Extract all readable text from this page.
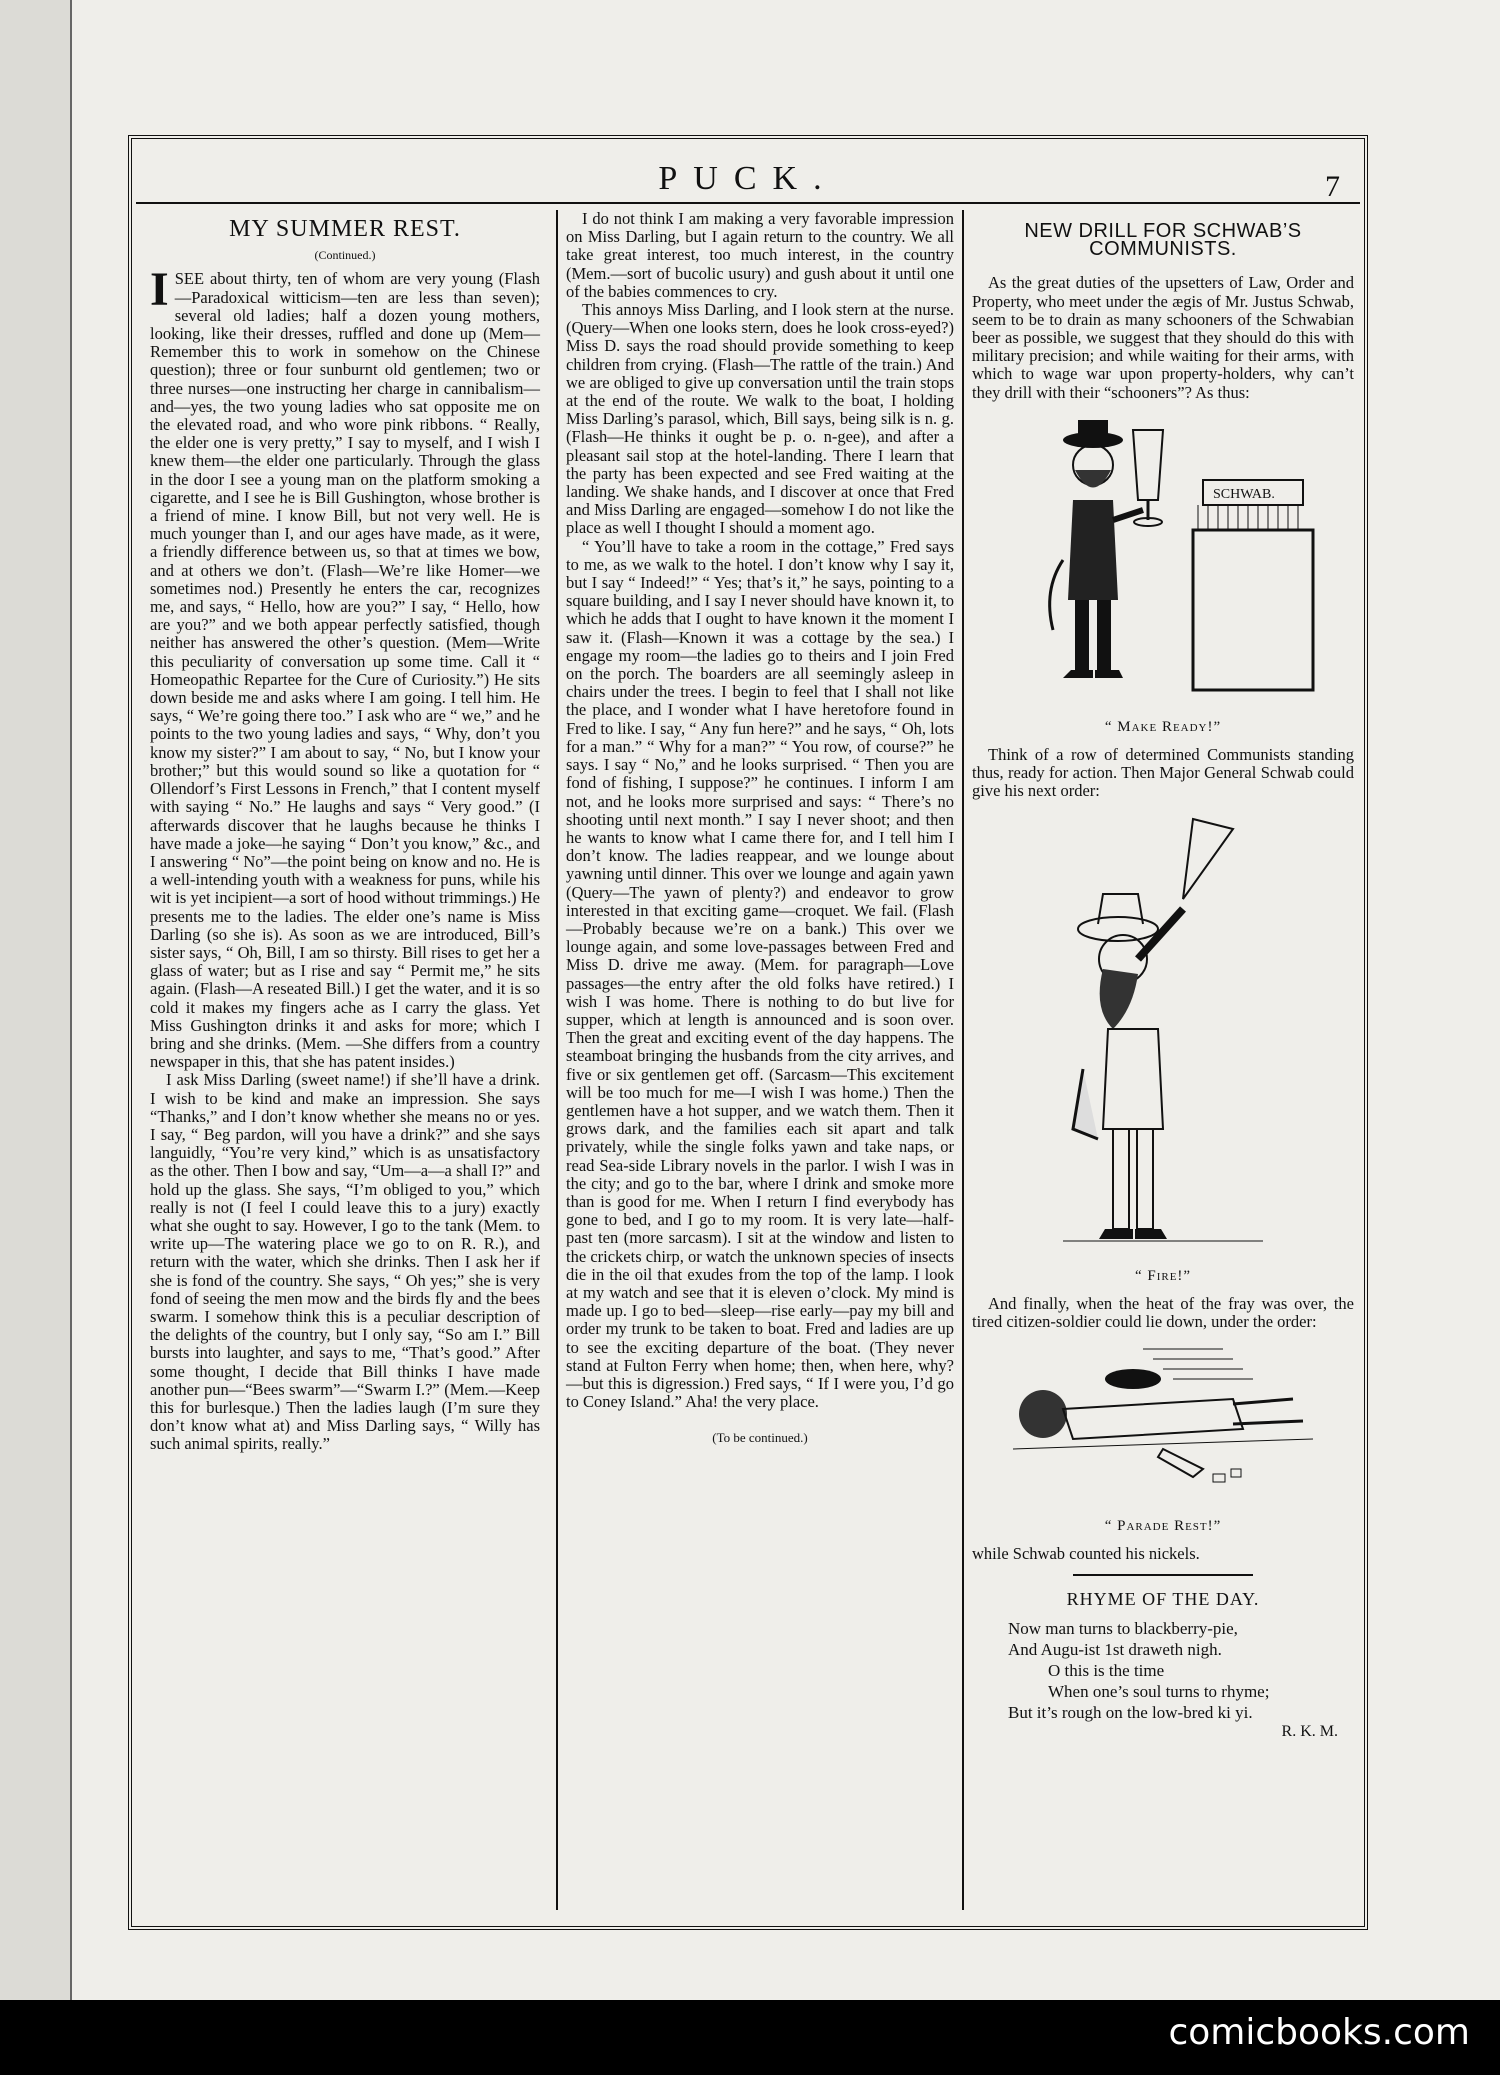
PUCK.	7
MY SUMMER REST.
(Continued.)

ISEE about thirty, ten of whom are very young (Flash—Paradoxical witticism—ten are less than seven); several old ladies; half a dozen young mothers, looking, like their dresses, ruffled and done up (Mem—Remember this to work in somehow on the Chinese question); three or four sunburnt old gentlemen; two or three nurses—one instructing her charge in cannibalism—and—yes, the two young ladies who sat opposite me on the elevated road, and who wore pink ribbons. “ Really, the elder one is very pretty,” I say to myself, and I wish I knew them—the elder one particularly. Through the glass in the door I see a young man on the platform smoking a cigarette, and I see he is Bill Gushington, whose brother is a friend of mine. I know Bill, but not very well. He is much younger than I, and our ages have made, as it were, a friendly difference between us, so that at times we bow, and at others we don’t. (Flash—We’re like Homer—we sometimes nod.) Presently he enters the car, recognizes me, and says, “ Hello, how are you?” I say, “ Hello, how are you?” and we both appear perfectly satisfied, though neither has answered the other’s question. (Mem—Write this peculiarity of conversation up some time. Call it “ Homeopathic Repartee for the Cure of Curiosity.”) He sits down beside me and asks where I am going. I tell him. He says, “ We’re going there too.” I ask who are “ we,” and he points to the two young ladies and says, “ Why, don’t you know my sister?” I am about to say, “ No, but I know your brother;” but this would sound so like a quotation for “ Ollendorf’s First Lessons in French,” that I content myself with saying “ No.” He laughs and says “ Very good.” (I afterwards discover that he laughs because he thinks I have made a joke—he saying “ Don’t you know,” &c., and I answering “ No”—the point being on know and no. He is a well-intending youth with a weakness for puns, while his wit is yet incipient—a sort of hood without trimmings.) He presents me to the ladies. The elder one’s name is Miss Darling (so she is). As soon as we are introduced, Bill’s sister says, “ Oh, Bill, I am so thirsty. Bill rises to get her a glass of water; but as I rise and say “ Permit me,” he sits again. (Flash—A reseated Bill.) I get the water, and it is so cold it makes my fingers ache as I carry the glass. Yet Miss Gushington drinks it and asks for more; which I bring and she drinks. (Mem. —She differs from a country newspaper in this, that she has patent insides.)

I ask Miss Darling (sweet name!) if she’ll have a drink. I wish to be kind and make an impression. She says “Thanks,” and I don’t know whether she means no or yes. I say, “ Beg pardon, will you have a drink?” and she says languidly, “You’re very kind,” which is as unsatisfactory as the other. Then I bow and say, “Um—a—a shall I?” and hold up the glass. She says, “I’m obliged to you,” which really is not (I feel I could leave this to a jury) exactly what she ought to say. However, I go to the tank (Mem. to write up—The watering place we go to on R. R.), and return with the water, which she drinks. Then I ask her if she is fond of the country. She says, “ Oh yes;” she is very fond of seeing the men mow and the birds fly and the bees swarm. I somehow think this is a peculiar description of the delights of the country, but I only say, “So am I.” Bill bursts into laughter, and says to me, “That’s good.” After some thought, I decide that Bill thinks I have made another pun—“Bees swarm”—“Swarm I.?” (Mem.—Keep this for burlesque.) Then the ladies laugh (I’m sure they don’t know what at) and Miss Darling says, “ Willy has such animal spirits, really.”

I do not think I am making a very favorable impression on Miss Darling, but I again return to the country. We all take great interest, too much interest, in the country (Mem.—sort of bucolic usury) and gush about it until one of the babies commences to cry.

This annoys Miss Darling, and I look stern at the nurse. (Query—When one looks stern, does he look cross-eyed?) Miss D. says the road should provide something to keep children from crying. (Flash—The rattle of the train.) And we are obliged to give up conversation until the train stops at the end of the route. We walk to the boat, I holding Miss Darling’s parasol, which, Bill says, being silk is n. g. (Flash—He thinks it ought be p. o. n-gee), and after a pleasant sail stop at the hotel-landing. There I learn that the party has been expected and see Fred waiting at the landing. We shake hands, and I discover at once that Fred and Miss Darling are engaged—somehow I do not like the place as well I thought I should a moment ago.

“ You’ll have to take a room in the cottage,” Fred says to me, as we walk to the hotel. I don’t know why I say it, but I say “ Indeed!” “ Yes; that’s it,” he says, pointing to a square building, and I say I never should have known it, to which he adds that I ought to have known it the moment I saw it. (Flash—Known it was a cottage by the sea.) I engage my room—the ladies go to theirs and I join Fred on the porch. The boarders are all seemingly asleep in chairs under the trees. I begin to feel that I shall not like the place, and I wonder what I have heretofore found in Fred to like. I say, “ Any fun here?” and he says, “ Oh, lots for a man.” “ Why for a man?” “ You row, of course?” he says. I say “ No,” and he looks surprised. “ Then you are fond of fishing, I suppose?” he continues. I inform I am not, and he looks more surprised and says: “ There’s no shooting until next month.” I say I never shoot; and then he wants to know what I came there for, and I tell him I don’t know. The ladies reappear, and we lounge about yawning until dinner. This over we lounge and again yawn (Query—The yawn of plenty?) and endeavor to grow interested in that exciting game—croquet. We fail. (Flash—Probably because we’re on a bank.) This over we lounge again, and some love-passages between Fred and Miss D. drive me away. (Mem. for paragraph—Love passages—the entry after the old folks have retired.) I wish I was home. There is nothing to do but live for supper, which at length is announced and is soon over. Then the great and exciting event of the day happens. The steamboat bringing the husbands from the city arrives, and five or six gentlemen get off. (Sarcasm—This excitement will be too much for me—I wish I was home.) Then the gentlemen have a hot supper, and we watch them. Then it grows dark, and the families each sit apart and talk privately, while the single folks yawn and take naps, or read Sea-side Library novels in the parlor. I wish I was in the city; and go to the bar, where I drink and smoke more than is good for me. When I return I find everybody has gone to bed, and I go to my room. It is very late—half-past ten (more sarcasm). I sit at the window and listen to the crickets chirp, or watch the unknown species of insects die in the oil that exudes from the top of the lamp. I look at my watch and see that it is eleven o’clock. My mind is made up. I go to bed—sleep—rise early—pay my bill and order my trunk to be taken to boat. Fred and ladies are up to see the exciting departure of the boat. (They never stand at Fulton Ferry when home; then, when here, why?—but this is digression.) Fred says, “ If I were you, I’d go to Coney Island.” Aha! the very place.

(To be continued.)
NEW DRILL FOR SCHWAB’S COMMUNISTS.

As the great duties of the upsetters of Law, Order and Property, who meet under the ægis of Mr. Justus Schwab, seem to be to drain as many schooners of the Schwabian beer as possible, we suggest that they should do this with military precision; and while waiting for their arms, with which to wage war upon property-holders, why can’t they drill with their “schooners”? As thus:

SCHWAB.
“ Make Ready!”

Think of a row of determined Communists standing thus, ready for action. Then Major General Schwab could give his next order:

“ Fire!”

And finally, when the heat of the fray was over, the tired citizen-soldier could lie down, under the order:

“ Parade Rest!”

while Schwab counted his nickels.

RHYME OF THE DAY.
Now man turns to blackberry-pie,
And Augu-ist 1st draweth nigh.
O this is the time
When one’s soul turns to rhyme;
But it’s rough on the low-bred ki yi.
R. K. M.
comicbooks.com
